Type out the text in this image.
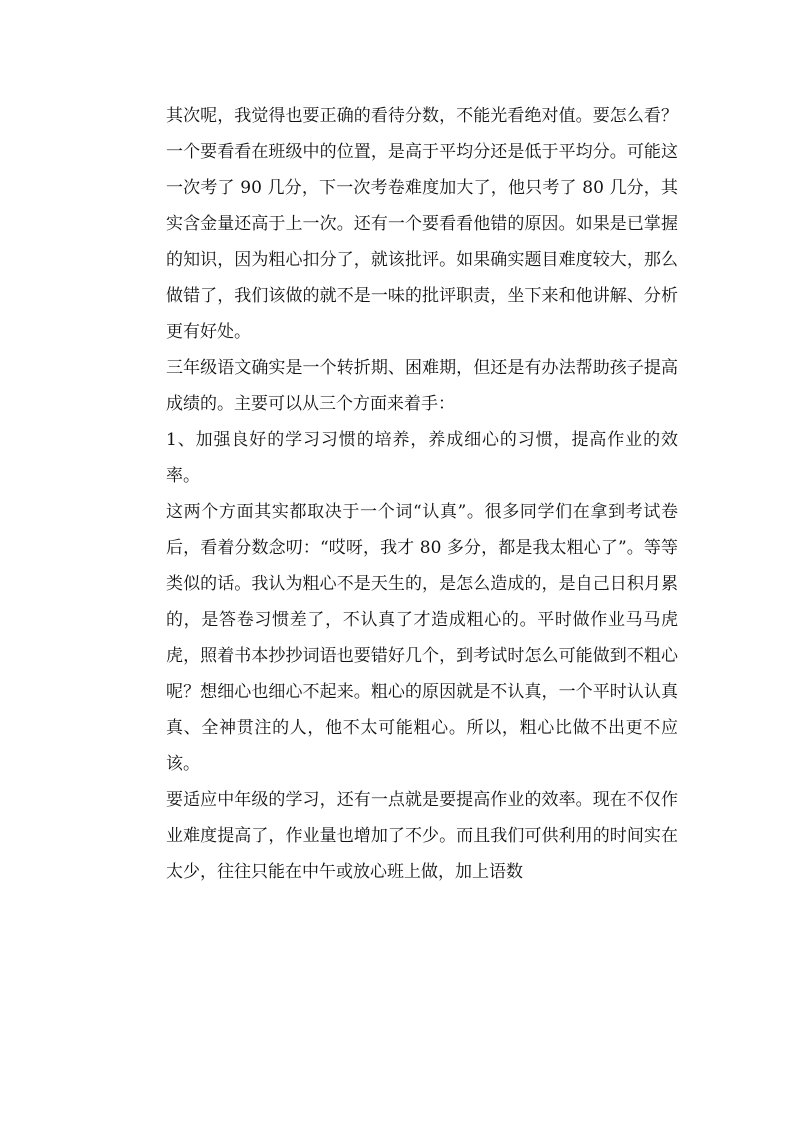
其次呢，我觉得也要正确的看待分数，不能光看绝对值。要怎么看？一个要看看在班级中的位置，是高于平均分还是低于平均分。可能这一次考了 90 几分，下一次考卷难度加大了，他只考了 80 几分，其实含金量还高于上一次。还有一个要看看他错的原因。如果是已掌握的知识，因为粗心扣分了，就该批评。如果确实题目难度较大，那么做错了，我们该做的就不是一味的批评职责，坐下来和他讲解、分析更有好处。

三年级语文确实是一个转折期、困难期，但还是有办法帮助孩子提高成绩的。主要可以从三个方面来着手：

1、加强良好的学习习惯的培养，养成细心的习惯，提高作业的效率。

这两个方面其实都取决于一个词“认真”。很多同学们在拿到考试卷后，看着分数念叨：“哎呀，我才 80 多分，都是我太粗心了”。等等类似的话。我认为粗心不是天生的，是怎么造成的，是自己日积月累的，是答卷习惯差了，不认真了才造成粗心的。平时做作业马马虎虎，照着书本抄抄词语也要错好几个，到考试时怎么可能做到不粗心呢？想细心也细心不起来。粗心的原因就是不认真，一个平时认认真真、全神贯注的人，他不太可能粗心。所以，粗心比做不出更不应该。

要适应中年级的学习，还有一点就是要提高作业的效率。现在不仅作业难度提高了，作业量也增加了不少。而且我们可供利用的时间实在太少，往往只能在中午或放心班上做，加上语数
